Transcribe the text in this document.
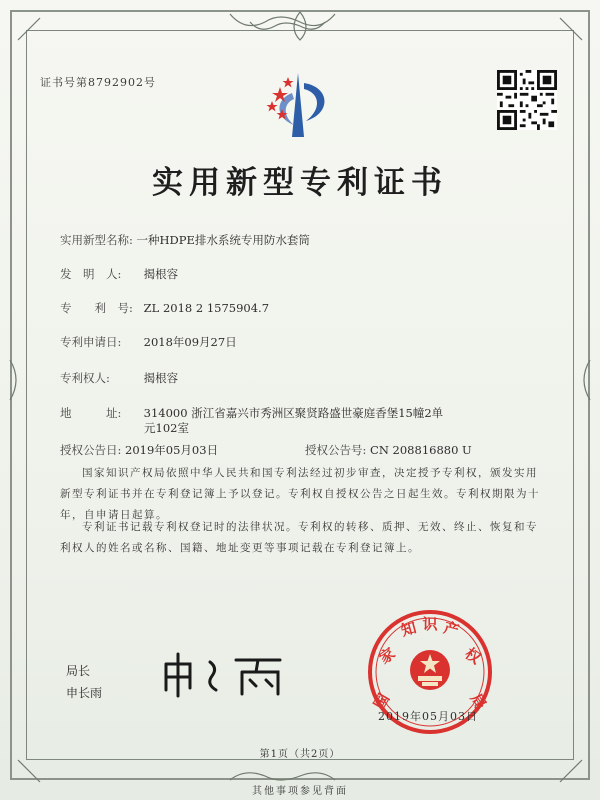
证书号第8792902号
实用新型专利证书
实用新型名称: 一种HDPE排水系统专用防水套筒
发　明　人: 揭根容
专　　利　号: ZL 2018 2 1575904.7
专利申请日: 2018年09月27日
专利权人:	揭根容
地　　　址: 314000 浙江省嘉兴市秀洲区聚贤路盛世豪庭香堡15幢2单
元102室
授权公告日: 2019年05月03日	授权公告号: CN 208816880 U
国家知识产权局依照中华人民共和国专利法经过初步审查，决定授予专利权，颁发实用新型专利证书并在专利登记簿上予以登记。专利权自授权公告之日起生效。专利权期限为十年，自申请日起算。
专利证书记载专利权登记时的法律状况。专利权的转移、质押、无效、终止、恢复和专利权人的姓名或名称、国籍、地址变更等事项记载在专利登记簿上。
局长
申长雨	国
家
知 识 产
权
局
2019年05月03日
第1页（共2页）
其他事项参见背面
